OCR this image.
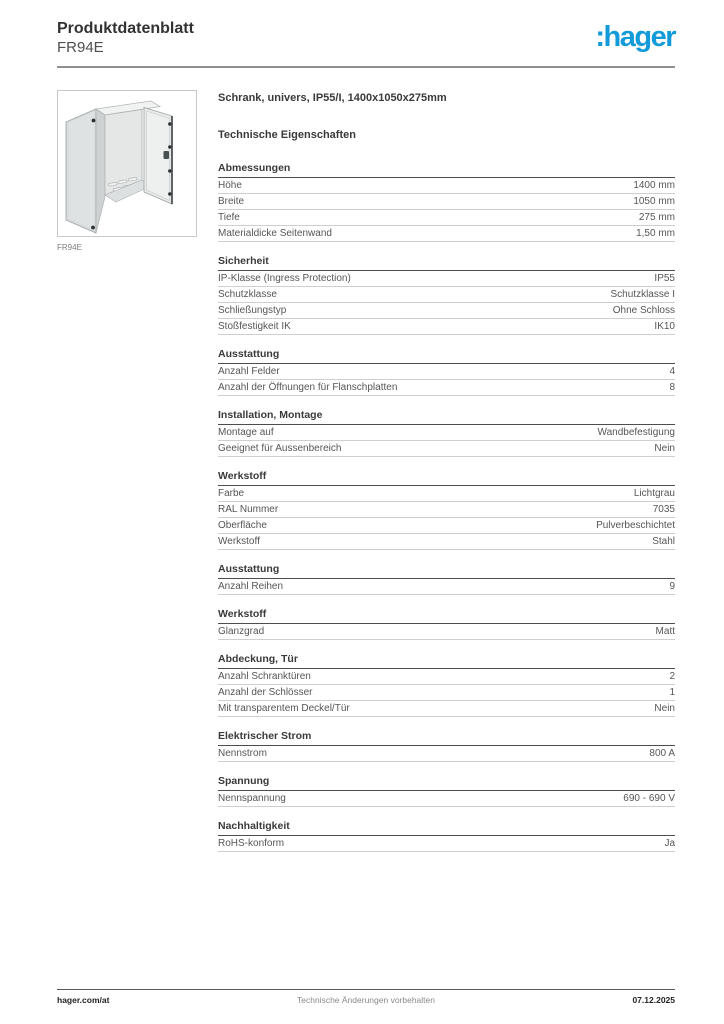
Produktdatenblatt
FR94E	:hager
FR94E
Schrank, univers, IP55/I, 1400x1050x275mm
Technische Eigenschaften
Abmessungen
Höhe	1400 mm
Breite	1050 mm
Tiefe	275 mm
Materialdicke Seitenwand	1,50 mm
Sicherheit
IP-Klasse (Ingress Protection)	IP55
Schutzklasse	Schutzklasse I
Schließungstyp	Ohne Schloss
Stoßfestigkeit IK	IK10
Ausstattung
Anzahl Felder	4
Anzahl der Öffnungen für Flanschplatten	8
Installation, Montage
Montage auf	Wandbefestigung
Geeignet für Aussenbereich	Nein
Werkstoff
Farbe	Lichtgrau
RAL Nummer	7035
Oberfläche	Pulverbeschichtet
Werkstoff	Stahl
Ausstattung
Anzahl Reihen	9
Werkstoff
Glanzgrad	Matt
Abdeckung, Tür
Anzahl Schranktüren	2
Anzahl der Schlösser	1
Mit transparentem Deckel/Tür	Nein
Elektrischer Strom
Nennstrom	800 A
Spannung
Nennspannung	690 - 690 V
Nachhaltigkeit
RoHS-konform	Ja
hager.com/at	Technische Änderungen vorbehalten	07.12.2025
